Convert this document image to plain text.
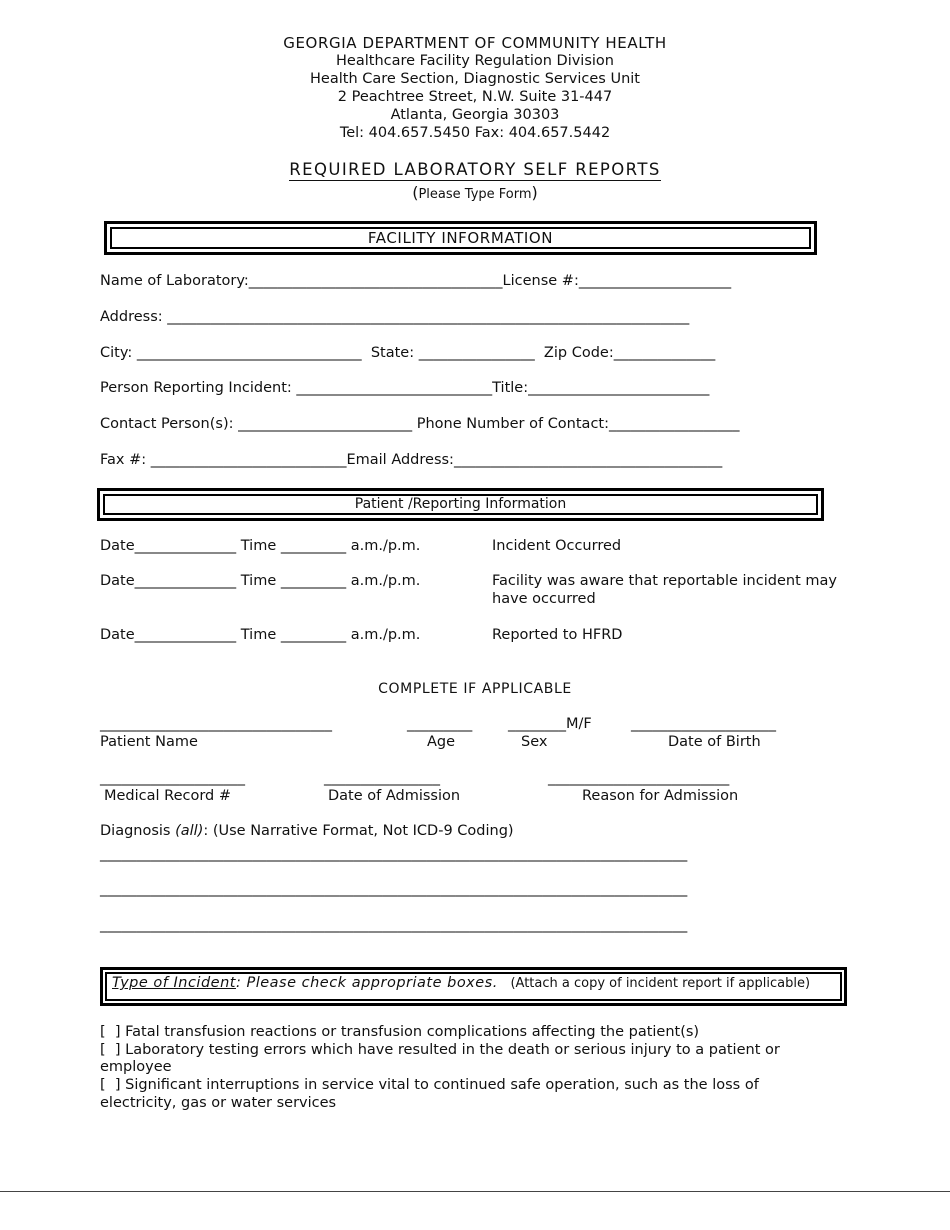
GEORGIA DEPARTMENT OF COMMUNITY HEALTH
Healthcare Facility Regulation Division
Health Care Section, Diagnostic Services Unit
2 Peachtree Street, N.W. Suite 31-447
Atlanta, Georgia 30303
Tel: 404.657.5450 Fax: 404.657.5442
REQUIRED LABORATORY SELF REPORTS
(Please Type Form)
FACILITY INFORMATION
Name of Laboratory:___________________________________License #:_____________________
Address: ________________________________________________________________________
City: _______________________________  State: ________________  Zip Code:______________
Person Reporting Incident: ___________________________Title:_________________________
Contact Person(s): ________________________ Phone Number of Contact:__________________
Fax #: ___________________________Email Address:_____________________________________
Patient /Reporting Information
Date______________ Time _________ a.m./p.m.	Incident Occurred
Date______________ Time _________ a.m./p.m.	Facility was aware that reportable incident may
have occurred
Date______________ Time _________ a.m./p.m.	Reported to HFRD
COMPLETE IF APPLICABLE
________________________________	_________ ________M/F	____________________
Patient Name	Age	Sex	Date of Birth
____________________	________________	_________________________
Medical Record #	Date of Admission	Reason for Admission
Diagnosis (all): (Use Narrative Format, Not ICD-9 Coding)
_________________________________________________________________________________
_________________________________________________________________________________
_________________________________________________________________________________
Type of Incident: Please check appropriate boxes. (Attach a copy of incident report if applicable)
[  ] Fatal transfusion reactions or transfusion complications affecting the patient(s)
[  ] Laboratory testing errors which have resulted in the death or serious injury to a patient or
employee
[  ] Significant interruptions in service vital to continued safe operation, such as the loss of
electricity, gas or water services
